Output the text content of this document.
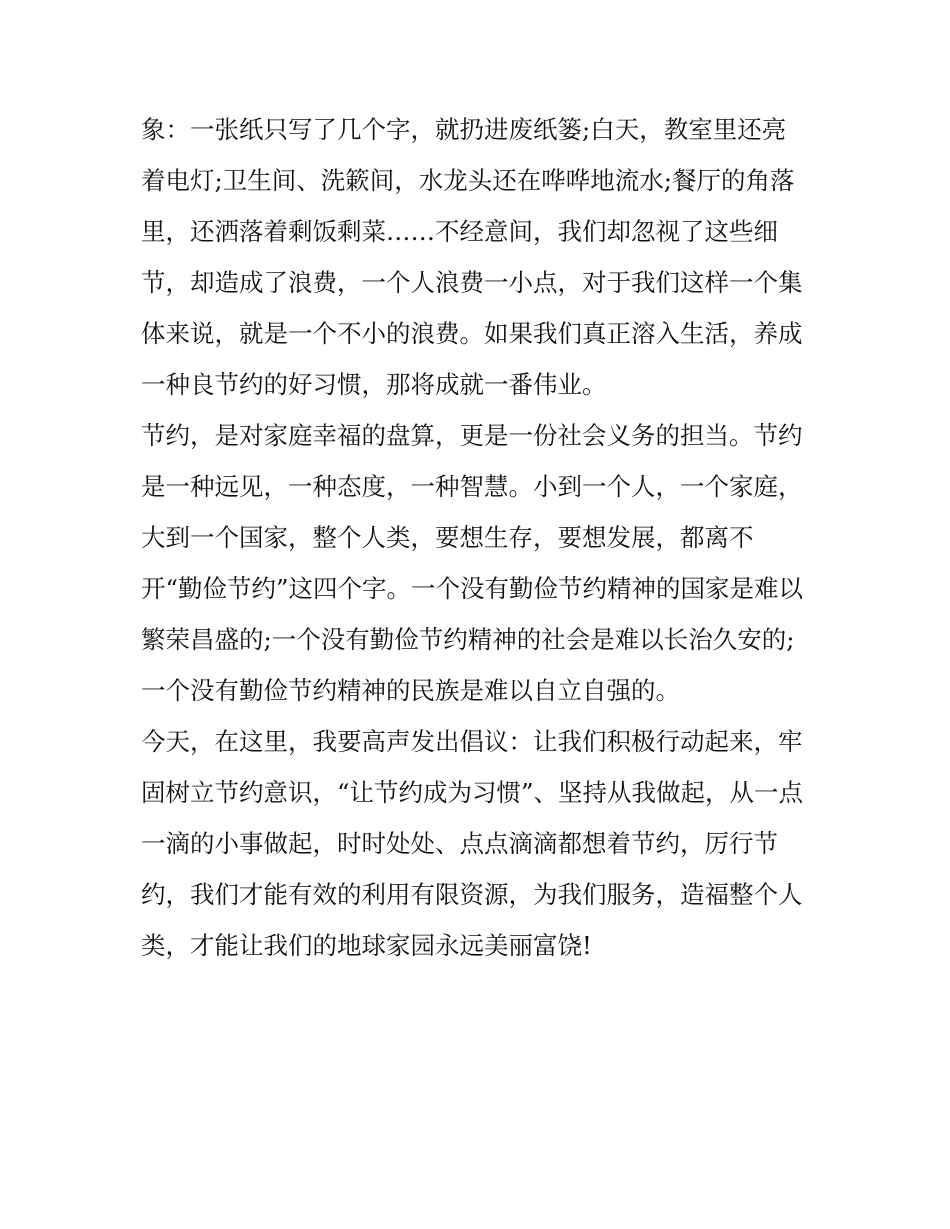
象：一张纸只写了几个字，就扔进废纸篓;白天，教室里还亮
着电灯;卫生间、洗簌间，水龙头还在哗哗地流水;餐厅的角落
里，还洒落着剩饭剩菜……不经意间，我们却忽视了这些细
节，却造成了浪费，一个人浪费一小点，对于我们这样一个集
体来说，就是一个不小的浪费。如果我们真正溶入生活，养成
一种良节约的好习惯，那将成就一番伟业。
节约，是对家庭幸福的盘算，更是一份社会义务的担当。节约
是一种远见，一种态度，一种智慧。小到一个人，一个家庭，
大到一个国家，整个人类，要想生存，要想发展，都离不
开“勤俭节约”这四个字。一个没有勤俭节约精神的国家是难以
繁荣昌盛的;一个没有勤俭节约精神的社会是难以长治久安的;
一个没有勤俭节约精神的民族是难以自立自强的。
今天，在这里，我要高声发出倡议：让我们积极行动起来，牢
固树立节约意识，“让节约成为习惯”、坚持从我做起，从一点
一滴的小事做起，时时处处、点点滴滴都想着节约，厉行节
约，我们才能有效的利用有限资源，为我们服务，造福整个人
类，才能让我们的地球家园永远美丽富饶!
